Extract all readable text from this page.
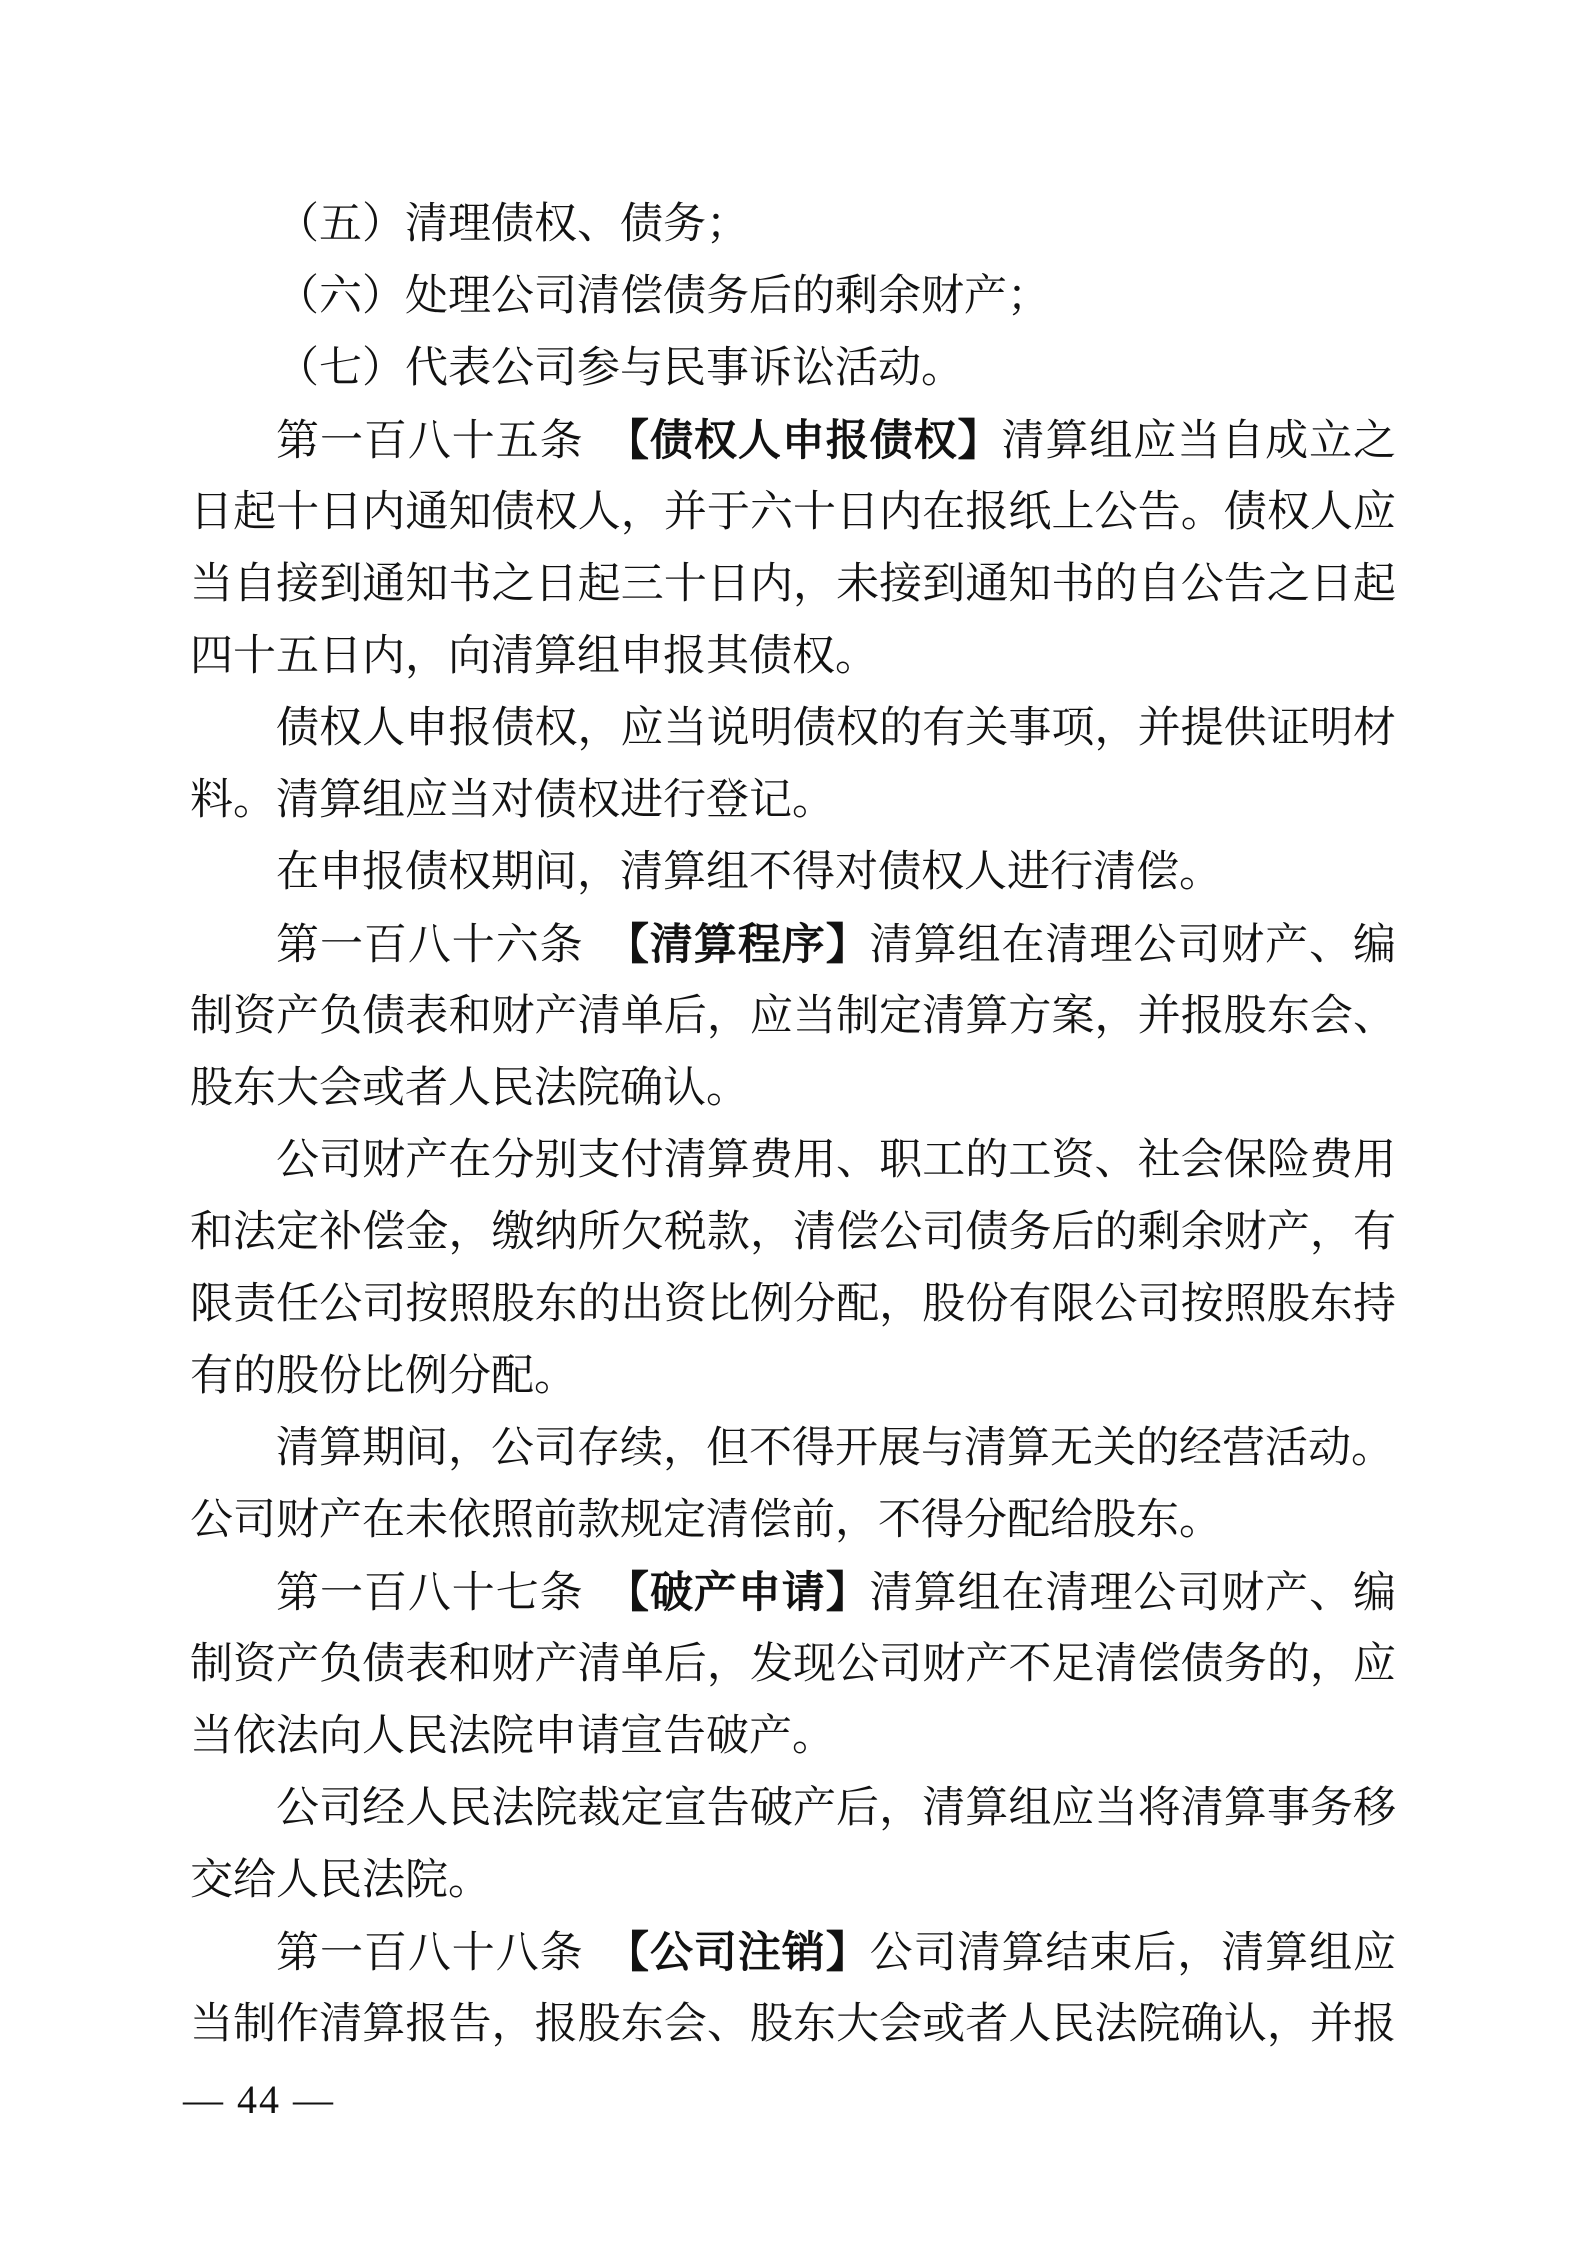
（五）清理债权、债务；
（六）处理公司清偿债务后的剩余财产；
（七）代表公司参与民事诉讼活动。
第一百八十五条　【债权人申报债权】清算组应当自成立之
日起十日内通知债权人，并于六十日内在报纸上公告。债权人应
当自接到通知书之日起三十日内，未接到通知书的自公告之日起
四十五日内，向清算组申报其债权。
债权人申报债权，应当说明债权的有关事项，并提供证明材
料。清算组应当对债权进行登记。
在申报债权期间，清算组不得对债权人进行清偿。
第一百八十六条　【清算程序】清算组在清理公司财产、编
制资产负债表和财产清单后，应当制定清算方案，并报股东会、
股东大会或者人民法院确认。
公司财产在分别支付清算费用、职工的工资、社会保险费用
和法定补偿金，缴纳所欠税款，清偿公司债务后的剩余财产，有
限责任公司按照股东的出资比例分配，股份有限公司按照股东持
有的股份比例分配。
清算期间，公司存续，但不得开展与清算无关的经营活动。
公司财产在未依照前款规定清偿前，不得分配给股东。
第一百八十七条　【破产申请】清算组在清理公司财产、编
制资产负债表和财产清单后，发现公司财产不足清偿债务的，应
当依法向人民法院申请宣告破产。
公司经人民法院裁定宣告破产后，清算组应当将清算事务移
交给人民法院。
第一百八十八条　【公司注销】公司清算结束后，清算组应
当制作清算报告，报股东会、股东大会或者人民法院确认，并报
— 44 —
